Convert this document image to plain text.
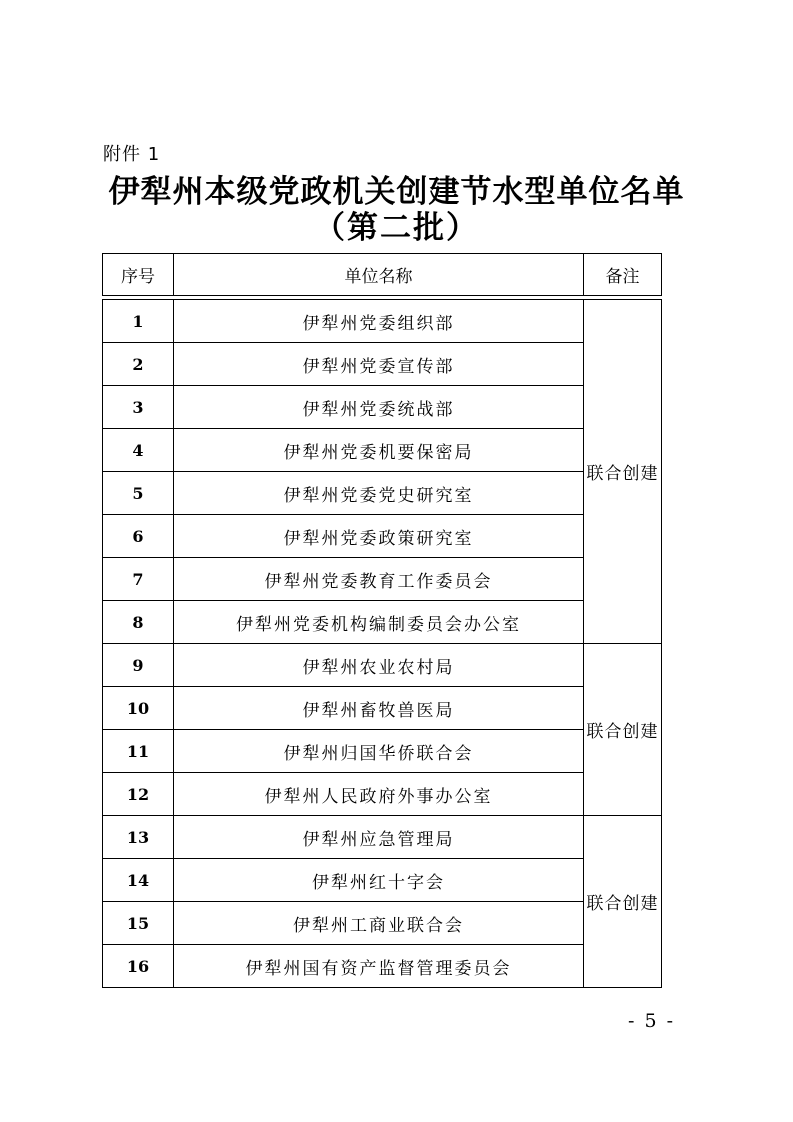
附件 1
伊犁州本级党政机关创建节水型单位名单
（第二批）
序号	单位名称	备注

1	伊犁州党委组织部	联合创建
2	伊犁州党委宣传部	
3	伊犁州党委统战部	
4	伊犁州党委机要保密局	
5	伊犁州党委党史研究室	
6	伊犁州党委政策研究室	
7	伊犁州党委教育工作委员会	
8	伊犁州党委机构编制委员会办公室	
9	伊犁州农业农村局	联合创建
10	伊犁州畜牧兽医局	
11	伊犁州归国华侨联合会	
12	伊犁州人民政府外事办公室	
13	伊犁州应急管理局	联合创建
14	伊犁州红十字会	
15	伊犁州工商业联合会	
16	伊犁州国有资产监督管理委员会	
- 5 -
